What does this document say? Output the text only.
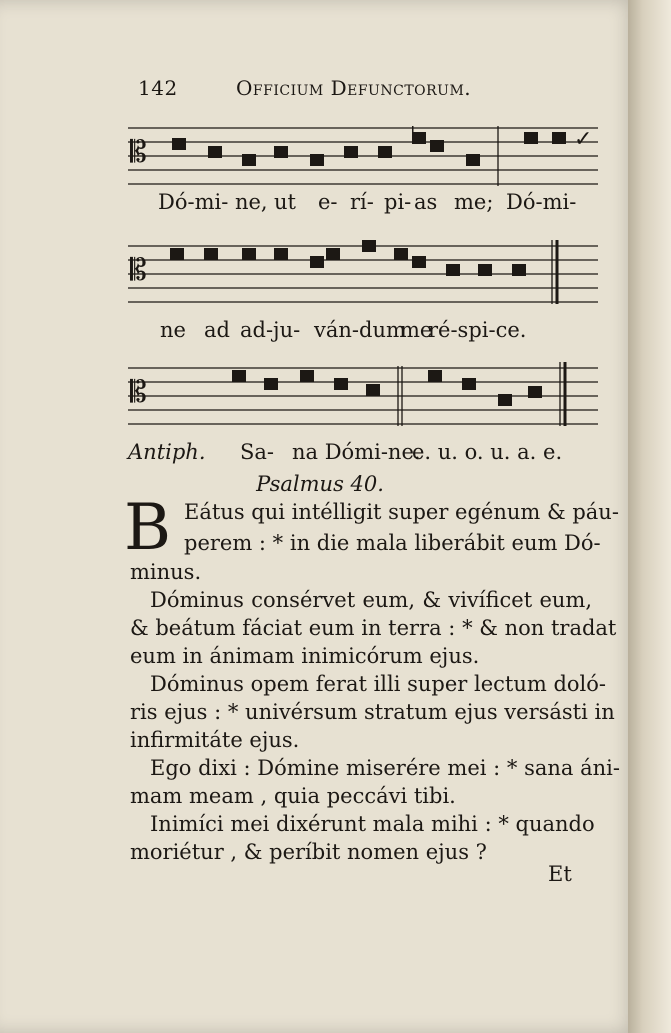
142	Officium Defunctorum.
𝄡	✓
Dó-mi- ne, ut e- rí- pi- as me; Dó-mi-
𝄡
ne ad ad-ju- ván-dum
me
ré-spi-ce.
𝄡
Antiph. Sa- na Dómi-ne.
e. u. o. u. a. e.
Psalmus 40.
B Eátus qui intélligit super egénum & páu-
perem : * in die mala liberábit eum Dó-
minus.
Dóminus consérvet eum, & vivíficet eum,
& beátum fáciat eum in terra : * & non tradat
eum in ánimam inimicórum ejus.
Dóminus opem ferat illi super lectum doló-
ris ejus : * univérsum stratum ejus versásti in
infirmitáte ejus.
Ego dixi : Dómine miserére mei : * sana áni-
mam meam , quia peccávi tibi.
Inimíci mei dixérunt mala mihi : * quando
moriétur , & períbit nomen ejus ?
Et
